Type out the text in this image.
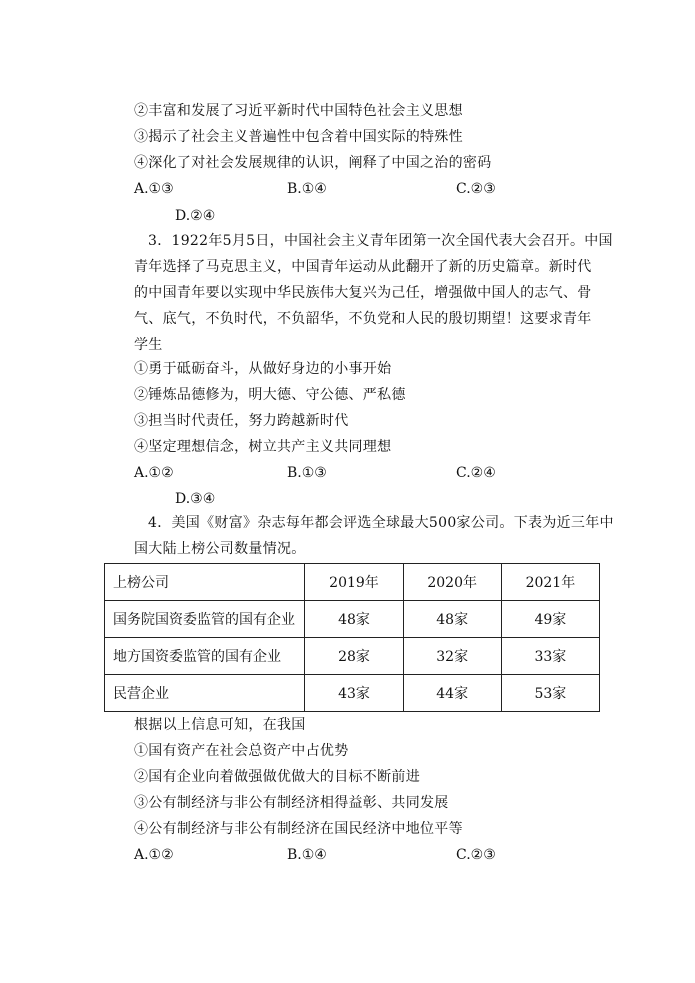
②丰富和发展了习近平新时代中国特色社会主义思想
③揭示了社会主义普遍性中包含着中国实际的特殊性
④深化了对社会发展规律的认识，阐释了中国之治的密码
A.①③	B.①④	C.②③
D.②④
3．1922年5月5日，中国社会主义青年团第一次全国代表大会召开。中国
青年选择了马克思主义，中国青年运动从此翻开了新的历史篇章。新时代
的中国青年要以实现中华民族伟大复兴为己任，增强做中国人的志气、骨
气、底气，不负时代，不负韶华，不负党和人民的殷切期望！这要求青年
学生
①勇于砥砺奋斗，从做好身边的小事开始
②锤炼品德修为，明大德、守公德、严私德
③担当时代责任，努力跨越新时代
④坚定理想信念，树立共产主义共同理想
A.①②	B.①③	C.②④
D.③④
4．美国《财富》杂志每年都会评选全球最大500家公司。下表为近三年中
国大陆上榜公司数量情况。
上榜公司	2019年	2020年	2021年
国务院国资委监管的国有企业	48家	48家	49家
地方国资委监管的国有企业	28家	32家	33家
民营企业	43家	44家	53家
根据以上信息可知，在我国
①国有资产在社会总资产中占优势
②国有企业向着做强做优做大的目标不断前进
③公有制经济与非公有制经济相得益彰、共同发展
④公有制经济与非公有制经济在国民经济中地位平等
A.①②	B.①④	C.②③
